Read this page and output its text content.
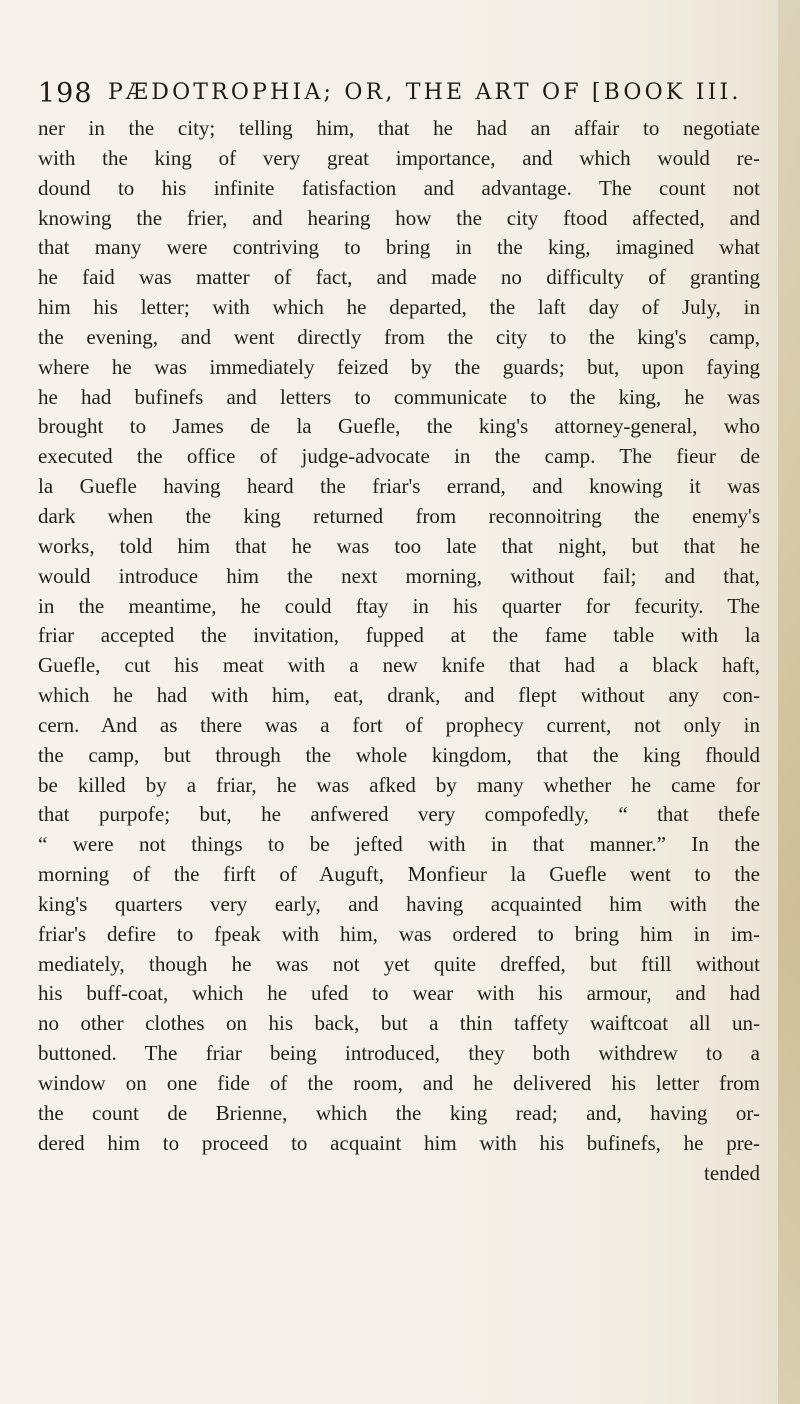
198 PÆDOTROPHIA; OR, THE ART OF [BOOK III.
ner in the city; telling him, that he had an affair to negotiate
with the king of very great importance, and which would re-
dound to his infinite fatisfaction and advantage. The count not
knowing the frier, and hearing how the city ftood affected, and
that many were contriving to bring in the king, imagined what
he faid was matter of fact, and made no difficulty of granting
him his letter; with which he departed, the laft day of July, in
the evening, and went directly from the city to the king's camp,
where he was immediately feized by the guards; but, upon faying
he had bufinefs and letters to communicate to the king, he was
brought to James de la Guefle, the king's attorney-general, who
executed the office of judge-advocate in the camp. The fieur de
la Guefle having heard the friar's errand, and knowing it was
dark when the king returned from reconnoitring the enemy's
works, told him that he was too late that night, but that he
would introduce him the next morning, without fail; and that,
in the meantime, he could ftay in his quarter for fecurity. The
friar accepted the invitation, fupped at the fame table with la
Guefle, cut his meat with a new knife that had a black haft,
which he had with him, eat, drank, and flept without any con-
cern. And as there was a fort of prophecy current, not only in
the camp, but through the whole kingdom, that the king fhould
be killed by a friar, he was afked by many whether he came for
that purpofe; but, he anfwered very compofedly, “ that thefe
“ were not things to be jefted with in that manner.” In the
morning of the firft of Auguft, Monfieur la Guefle went to the
king's quarters very early, and having acquainted him with the
friar's defire to fpeak with him, was ordered to bring him in im-
mediately, though he was not yet quite dreffed, but ftill without
his buff-coat, which he ufed to wear with his armour, and had
no other clothes on his back, but a thin taffety waiftcoat all un-
buttoned. The friar being introduced, they both withdrew to a
window on one fide of the room, and he delivered his letter from
the count de Brienne, which the king read; and, having or-
dered him to proceed to acquaint him with his bufinefs, he pre-
tended
